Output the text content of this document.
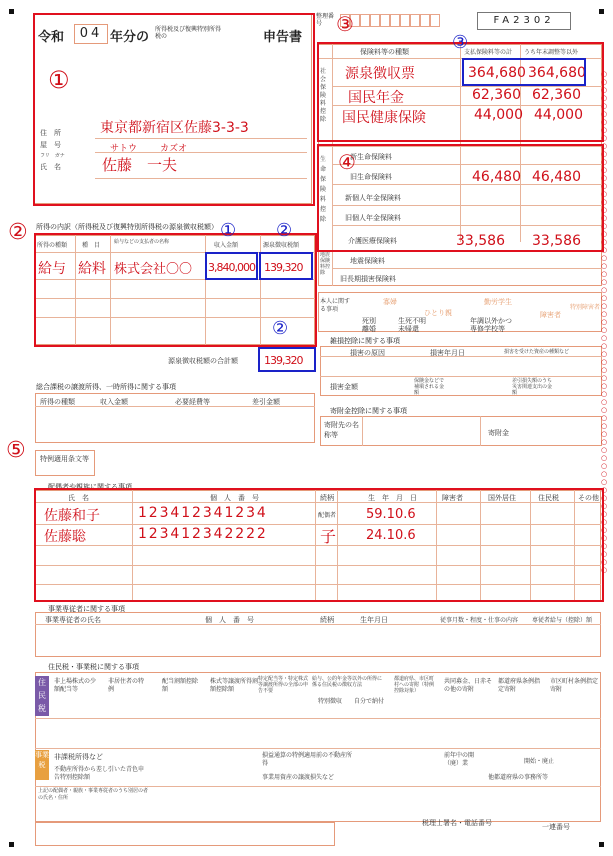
令和	04 年分の
所得税及び復興特別所得税の	申告書
整理番号	FA2302
住　所
屋　号
フリ　ガナ
氏　名
東京都新宿区佐藤3-3-3
サトウ	カズオ
佐藤　一夫
所得の内訳（所得税及び復興特別所得税の源泉徴収税額）
所得の種類 種　目	給与などの支払者の名称	収入金額	源泉徴収税額
給与 給料 株式会社〇〇 3,840,000 139,320
源泉徴収税額の合計額 139,320
保険料等の種類	支払保険料等の計 うち年末調整等以外
社会保険料控除
源泉徴収票	364,680 364,680
国民年金	62,360 62,360
国民健康保険	44,000 44,000
生命保険料控除
新生命保険料
旧生命保険料	46,480 46,480
新個人年金保険料
旧個人年金保険料
介護医療保険料	33,586 33,586
地震保険料控除
地震保険料
旧長期損害保険料
本人に関する事項
寡婦
ひとり親
勤労学生
障害者
特別障害者
死別	生死不明
離婚	未帰還
年調以外かつ
専修学校等
雑損控除に関する事項
損害の原因	損害年月日	損害を受けた資産の種類など
損害金額
保険金などで補塡される金額
差引損失額のうち災害関連支出の金額
寄附金控除に関する事項
寄附先の名称等	寄附金
総合課税の譲渡所得、一時所得に関する事項
所得の種類	収入金額	必要経費等	差引金額
特例適用条文等
配偶者や親族に関する事項
氏　名	個　人　番　号	続柄	生　年　月　日	障害者	国外居住	住民税	その他
佐藤和子	123412341234	配偶者 59.10.6
佐藤聡	123412342222	子 24.10.6
事業専従者に関する事項
事業専従者の氏名	個　人　番　号	続柄	生年月日	従事月数・程度・仕事の内容 専従者給与（控除）額
住民税・事業税に関する事項
住民税
非上場株式の少額配当等
非居住者の特例
配当割額控除額
株式等譲渡所得割額控除額
特定配当等・特定株式等譲渡所得の全部の申告不要
給与、公的年金等以外の所得に係る住民税の徴収方法
都道府県、市区町村への寄附（特例控除対象）
共同募金、日赤その他の寄附
都道府県条例指定寄附
市区町村条例指定寄附
特別徴収 自分で納付
事業税
非課税所得など
不動産所得から差し引いた青色申告特別控除額
損益通算の特例適用前の不動産所得
事業用資産の譲渡損失など
前年中の開（廃）業	開始・廃止
他都道府県の事務所等
上記の配偶者・親族・事業専従者のうち別居の者の氏名・住所
税理士署名・電話番号	一連番号
○○○○○○○○○○○○○○○○○○○○○○○○○○○○○○○○○○○○○○○○○○○○○○○○○○○○○○○○○○○○○○○
①
②
③
④
⑤
① ②
②
③
